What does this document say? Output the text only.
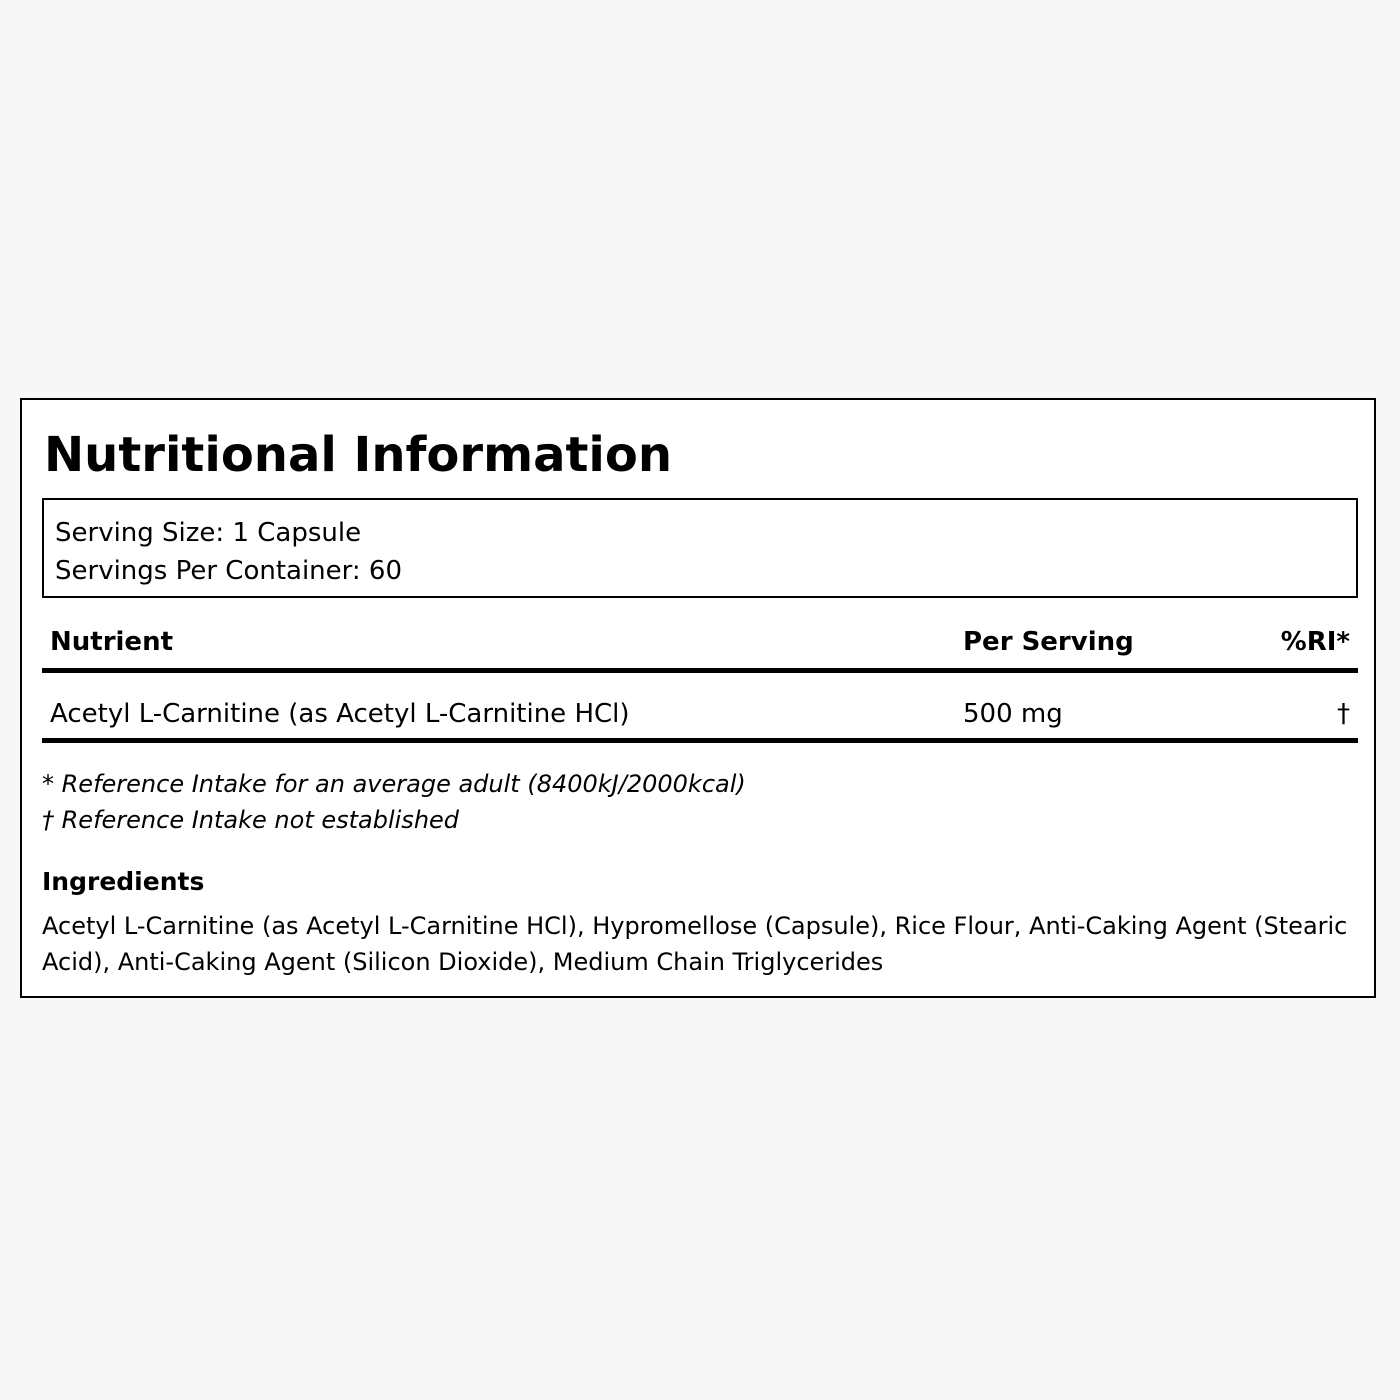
Nutritional Information
Serving Size: 1 Capsule
Servings Per Container: 60
Nutrient	Per Serving	%RI*
Acetyl L-Carnitine (as Acetyl L-Carnitine HCl)	500 mg	†
* Reference Intake for an average adult (8400kJ/2000kcal)
† Reference Intake not established
Ingredients

Acetyl L-Carnitine (as Acetyl L-Carnitine HCl), Hypromellose (Capsule), Rice Flour, Anti-Caking Agent (Stearic Acid), Anti-Caking Agent (Silicon Dioxide), Medium Chain Triglycerides
